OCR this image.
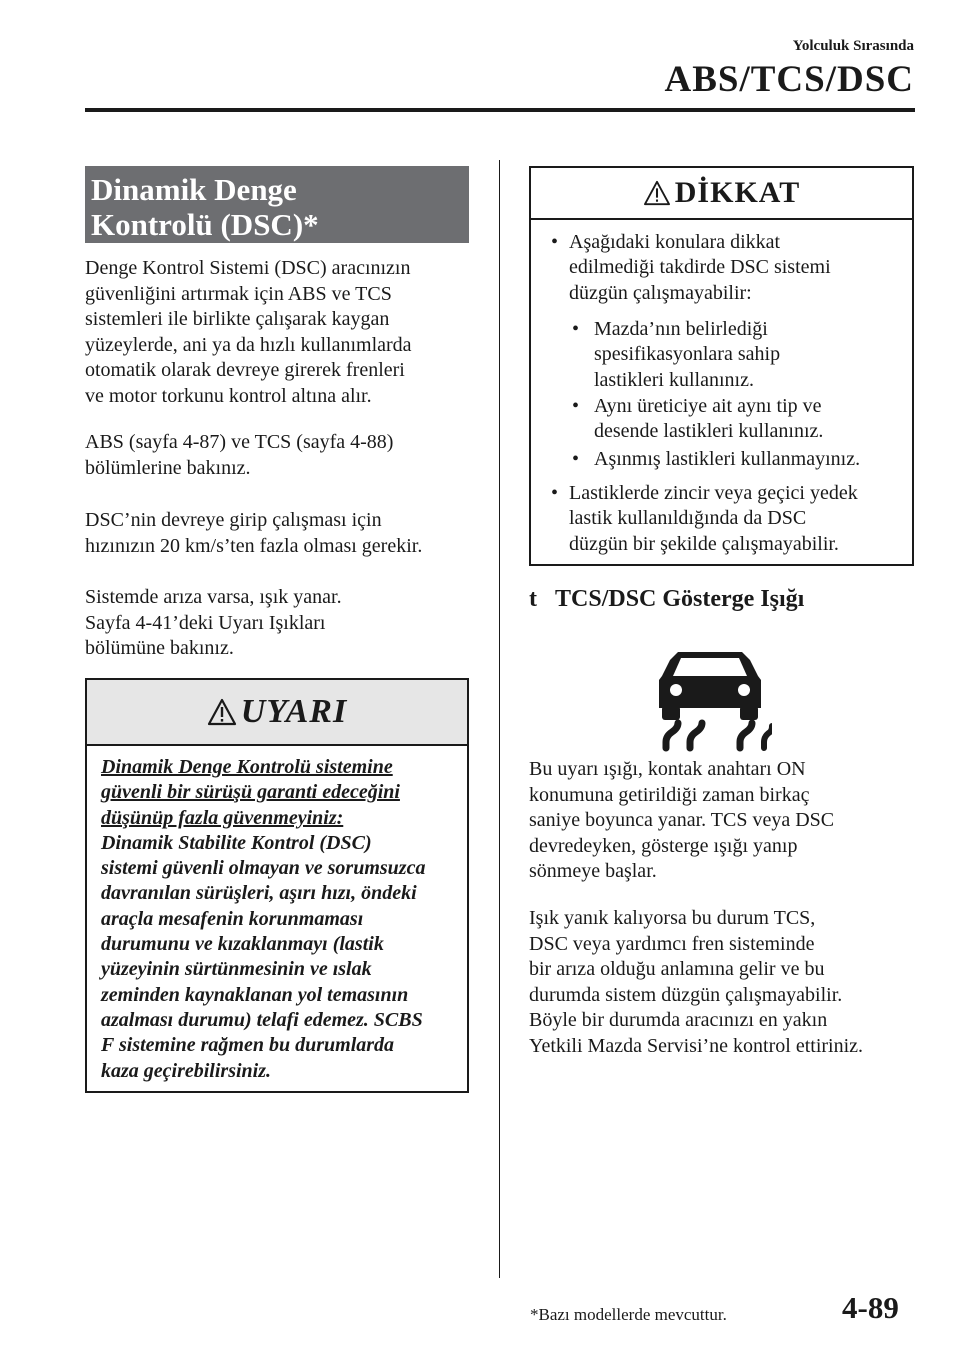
Yolculuk Sırasında
ABS/TCS/DSC
Dinamik Denge
Kontrolü (DSC)*
Denge Kontrol Sistemi (DSC) aracınızın
güvenliğini artırmak için ABS ve TCS
sistemleri ile birlikte çalışarak kaygan
yüzeylerde, ani ya da hızlı kullanımlarda
otomatik olarak devreye girerek frenleri
ve motor torkunu kontrol altına alır.
ABS (sayfa 4-87) ve TCS (sayfa 4-88)
bölümlerine bakınız.
DSC’nin devreye girip çalışması için
hızınızın 20 km/s’ten fazla olması gerekir.
Sistemde arıza varsa, ışık yanar.
Sayfa 4-41’deki Uyarı Işıkları
bölümüne bakınız.
UYARI
Dinamik Denge Kontrolü sistemine
güvenli bir sürüşü garanti edeceğini
düşünüp fazla güvenmeyiniz:
Dinamik Stabilite Kontrol (DSC)
sistemi güvenli olmayan ve sorumsuzca
davranılan sürüşleri, aşırı hızı, öndeki
araçla mesafenin korunmaması
durumunu ve kızaklanmayı (lastik
yüzeyinin sürtünmesinin ve ıslak
zeminden kaynaklanan yol temasının
azalması durumu) telafi edemez. SCBS
F sistemine rağmen bu durumlarda
kaza geçirebilirsiniz.
DİKKAT
• Aşağıdaki konulara dikkat
edilmediği takdirde DSC sistemi
düzgün çalışmayabilir:
• Mazda’nın belirlediği
spesifikasyonlara sahip
lastikleri kullanınız.
• Aynı üreticiye ait aynı tip ve
desende lastikleri kullanınız.
• Aşınmış lastikleri kullanmayınız.
• Lastiklerde zincir veya geçici yedek
lastik kullanıldığında da DSC
düzgün bir şekilde çalışmayabilir.
t TCS/DSC Gösterge Işığı
Bu uyarı ışığı, kontak anahtarı ON
konumuna getirildiği zaman birkaç
saniye boyunca yanar. TCS veya DSC
devredeyken, gösterge ışığı yanıp
sönmeye başlar.
Işık yanık kalıyorsa bu durum TCS,
DSC veya yardımcı fren sisteminde
bir arıza olduğu anlamına gelir ve bu
durumda sistem düzgün çalışmayabilir.
Böyle bir durumda aracınızı en yakın
Yetkili Mazda Servisi’ne kontrol ettiriniz.
*Bazı modellerde mevcuttur.	4-89
